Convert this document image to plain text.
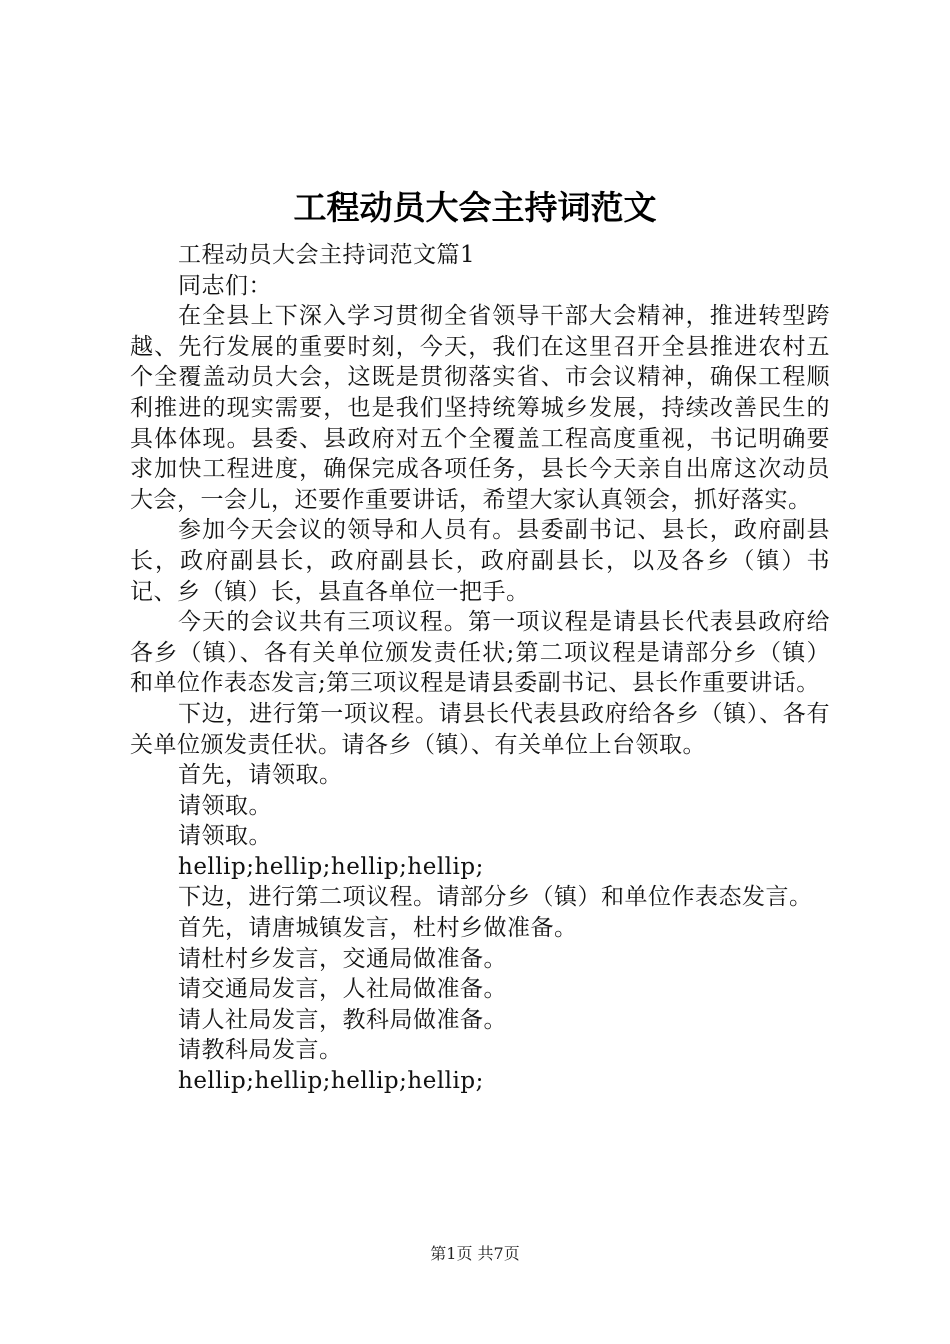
工程动员大会主持词范文

工程动员大会主持词范文篇1

同志们：

在全县上下深入学习贯彻全省领导干部大会精神，推进转型跨越、先行发展的重要时刻，今天，我们在这里召开全县推进农村五个全覆盖动员大会，这既是贯彻落实省、市会议精神，确保工程顺利推进的现实需要，也是我们坚持统筹城乡发展，持续改善民生的具体体现。县委、县政府对五个全覆盖工程高度重视，书记明确要求加快工程进度，确保完成各项任务，县长今天亲自出席这次动员大会，一会儿，还要作重要讲话，希望大家认真领会，抓好落实。

参加今天会议的领导和人员有。县委副书记、县长，政府副县长，政府副县长，政府副县长，政府副县长，以及各乡（镇）书记、乡（镇）长，县直各单位一把手。

今天的会议共有三项议程。第一项议程是请县长代表县政府给各乡（镇）、各有关单位颁发责任状;第二项议程是请部分乡（镇）和单位作表态发言;第三项议程是请县委副书记、县长作重要讲话。

下边，进行第一项议程。请县长代表县政府给各乡（镇）、各有关单位颁发责任状。请各乡（镇）、有关单位上台领取。

首先，请领取。

请领取。

请领取。

hellip;hellip;hellip;hellip;

下边，进行第二项议程。请部分乡（镇）和单位作表态发言。

首先，请唐城镇发言，杜村乡做准备。

请杜村乡发言，交通局做准备。

请交通局发言，人社局做准备。

请人社局发言，教科局做准备。

请教科局发言。

hellip;hellip;hellip;hellip;

第1页 共7页
